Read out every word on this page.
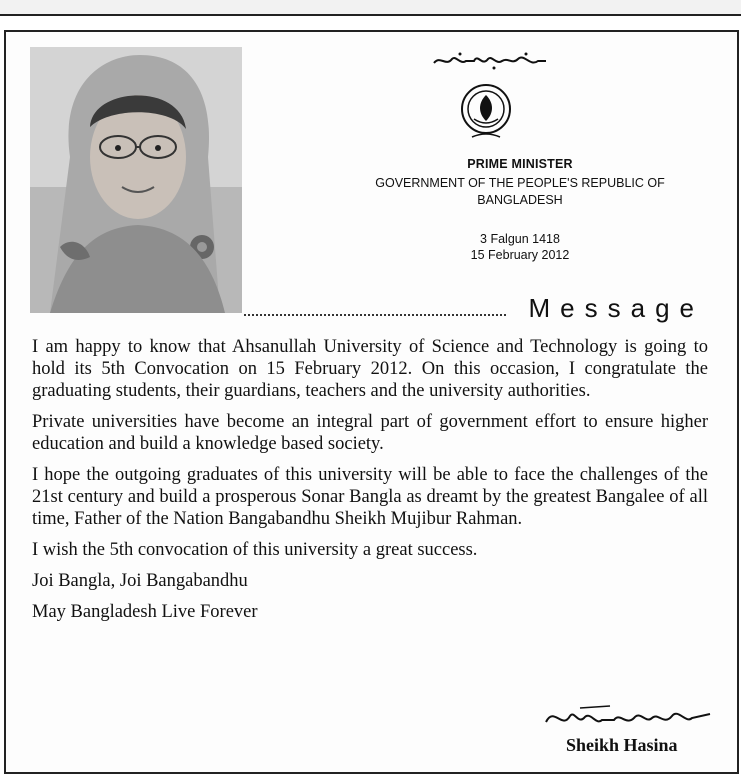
PRIME MINISTER
GOVERNMENT OF THE PEOPLE'S REPUBLIC OF
BANGLADESH
3 Falgun 1418
15 February 2012
Message

I am happy to know that Ahsanullah University of Science and Technology is going to hold its 5th Convocation on 15 February 2012. On this occasion, I congratulate the graduating students, their guardians, teachers and the university authorities.

Private universities have become an integral part of government effort to ensure higher education and build a knowledge based society.

I hope the outgoing graduates of this university will be able to face the challenges of the 21st century and build a prosperous Sonar Bangla as dreamt by the greatest Bangalee of all time, Father of the Nation Bangabandhu Sheikh Mujibur Rahman.

I wish the 5th convocation of this university a great success.

Joi Bangla, Joi Bangabandhu

May Bangladesh Live Forever

Sheikh Hasina
